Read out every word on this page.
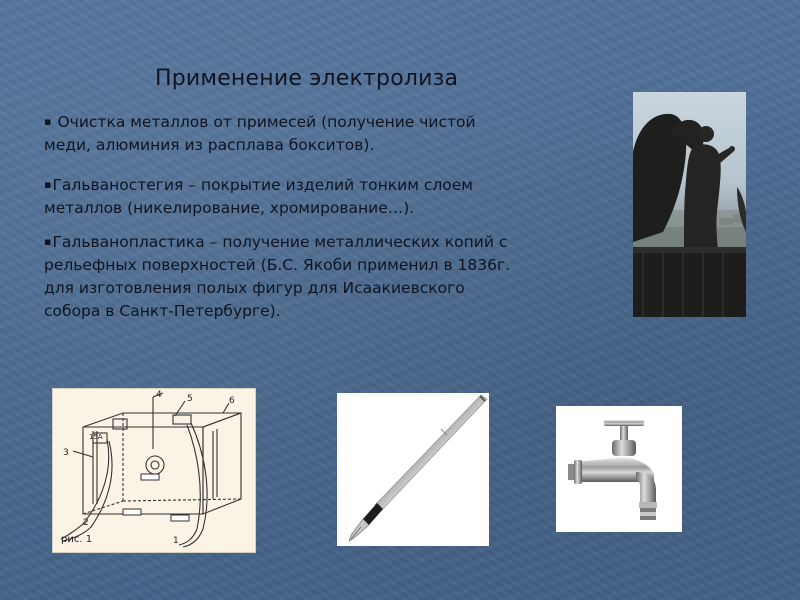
Применение электролиза
▪ Очистка металлов от примесей (получение чистой
меди, алюминия из расплава бокситов).
▪Гальваностегия – покрытие изделий тонким слоем
металлов (никелирование, хромирование…).
▪Гальванопластика – получение металлических копий с
рельефных поверхностей (Б.С. Якоби применил в 1836г.
для изготовления полых фигур для Исаакиевского
собора в Санкт-Петербурге).
4	5	6
3
2
1
15А
рис. 1
